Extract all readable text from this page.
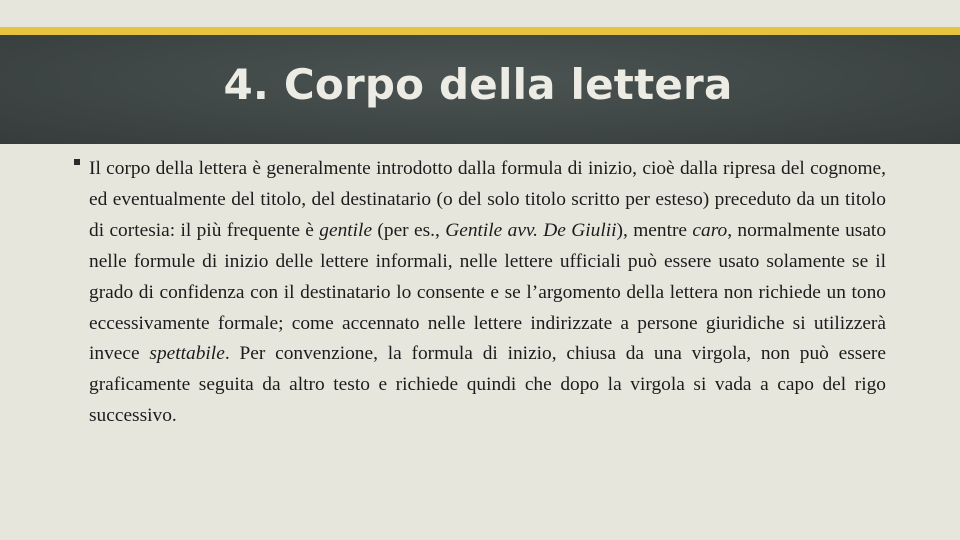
4. Corpo della lettera
Il corpo della lettera è generalmente introdotto dalla formula di inizio, cioè dalla ripresa del cognome, ed eventualmente del titolo, del destinatario (o del solo titolo scritto per esteso) preceduto da un titolo di cortesia: il più frequente è gentile (per es., Gentile avv. De Giulii), mentre caro, normalmente usato nelle formule di inizio delle lettere informali, nelle lettere ufficiali può essere usato solamente se il grado di confidenza con il destinatario lo consente e se l’argomento della lettera non richiede un tono eccessivamente formale; come accennato nelle lettere indirizzate a persone giuridiche si utilizzerà invece spettabile. Per convenzione, la formula di inizio, chiusa da una virgola, non può essere graficamente seguita da altro testo e richiede quindi che dopo la virgola si vada a capo del rigo successivo.
